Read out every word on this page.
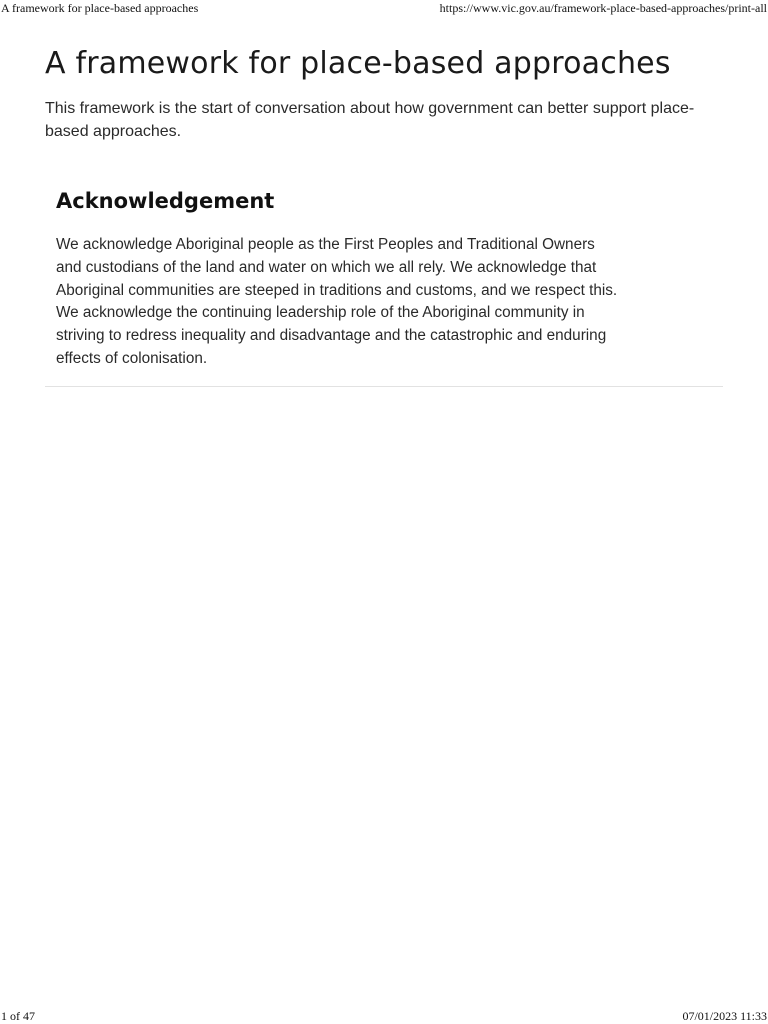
A framework for place-based approaches	https://www.vic.gov.au/framework-place-based-approaches/print-all
A framework for place-based approaches

This framework is the start of conversation about how government can better support place-based approaches.

Acknowledgement

We acknowledge Aboriginal people as the First Peoples and Traditional Owners and custodians of the land and water on which we all rely. We acknowledge that Aboriginal communities are steeped in traditions and customs, and we respect this. We acknowledge the continuing leadership role of the Aboriginal community in striving to redress inequality and disadvantage and the catastrophic and enduring effects of colonisation.

1 of 47	07/01/2023 11:33
